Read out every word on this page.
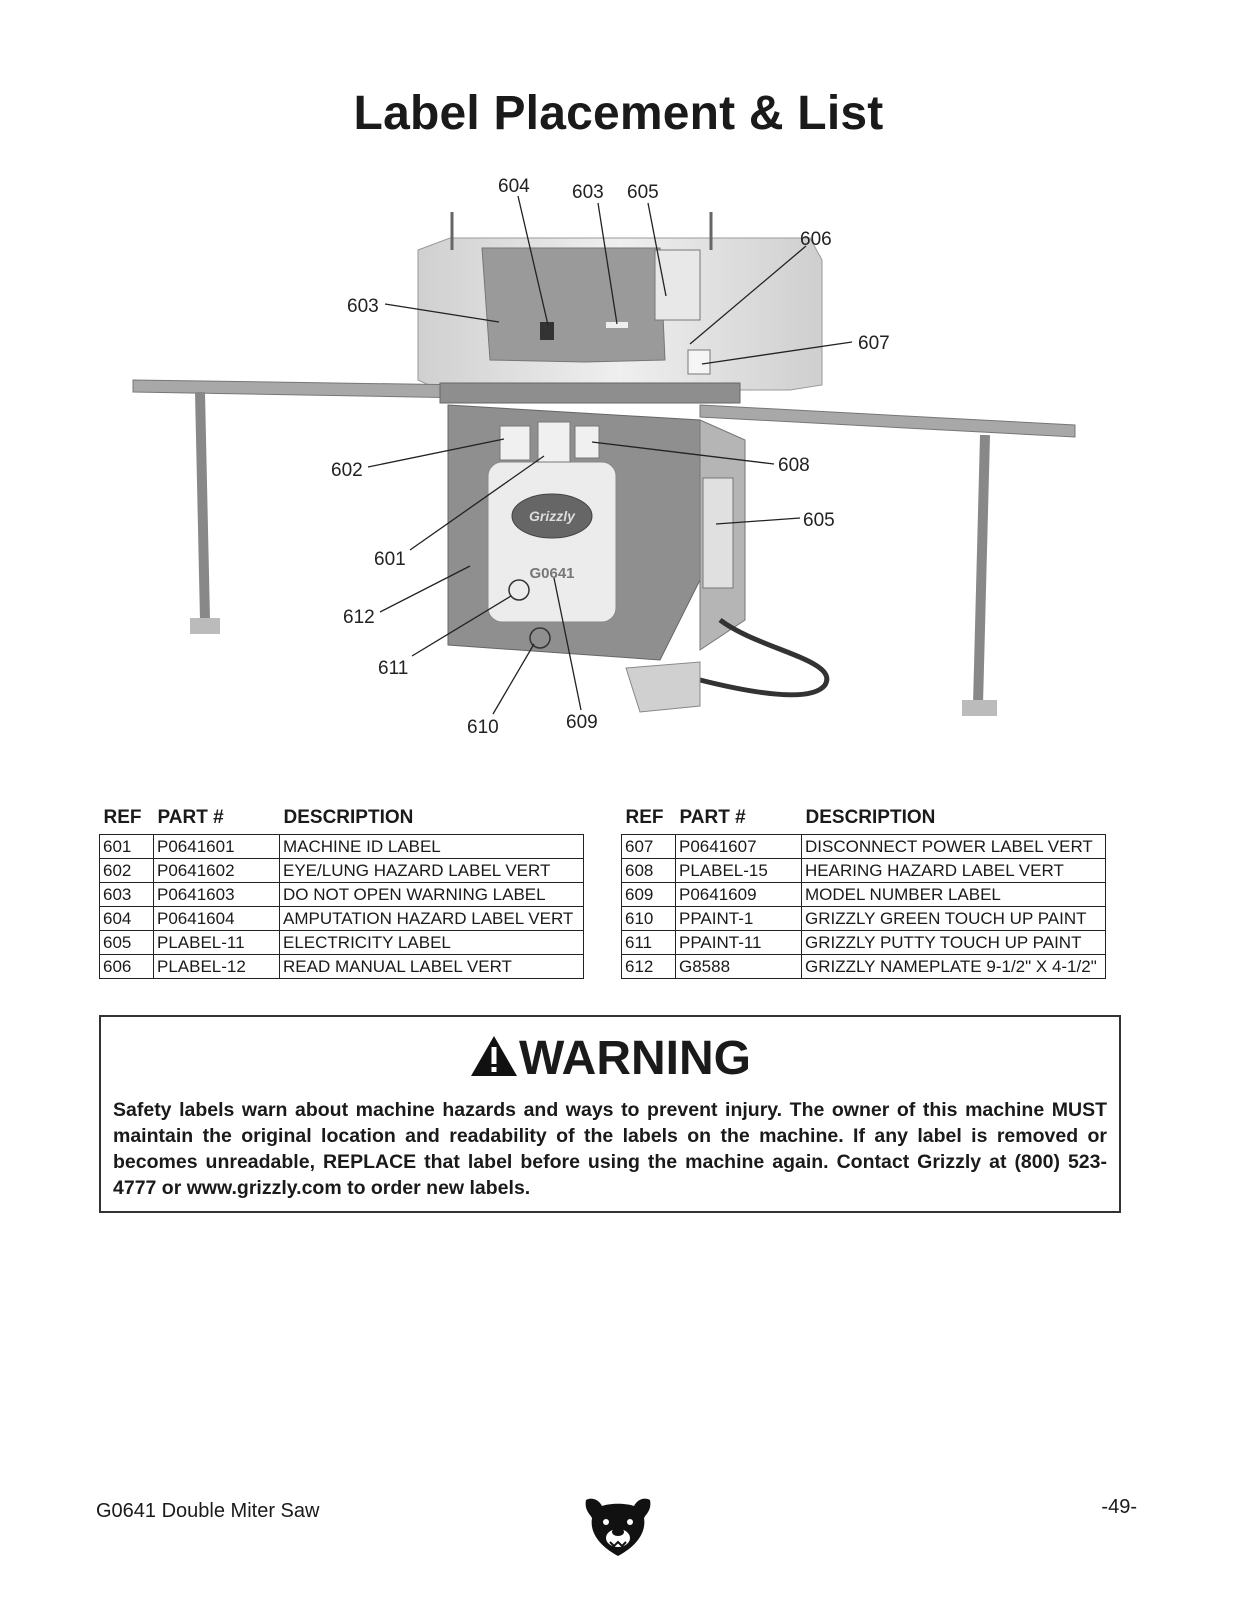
Label Placement & List
Grizzly
G0641
604 603 605
606
603
607
602	608
605
601
612
611
610	609
REF	PART #	DESCRIPTION
601	P0641601	MACHINE ID LABEL
602	P0641602	EYE/LUNG HAZARD LABEL VERT
603	P0641603	DO NOT OPEN WARNING LABEL
604	P0641604	AMPUTATION HAZARD LABEL VERT
605	PLABEL-11	ELECTRICITY LABEL
606	PLABEL-12	READ MANUAL LABEL VERT
REF	PART #	DESCRIPTION
607	P0641607	DISCONNECT POWER LABEL VERT
608	PLABEL-15	HEARING HAZARD LABEL VERT
609	P0641609	MODEL NUMBER LABEL
610	PPAINT-1	GRIZZLY GREEN TOUCH UP PAINT
611	PPAINT-11	GRIZZLY PUTTY TOUCH UP PAINT
612	G8588	GRIZZLY NAMEPLATE 9-1/2" X 4-1/2"
WARNING
Safety labels warn about machine hazards and ways to prevent injury. The owner of this machine MUST maintain the original location and readability of the labels on the machine. If any label is removed or becomes unreadable, REPLACE that label before using the machine again. Contact Grizzly at (800) 523-4777 or www.grizzly.com to order new labels.
G0641 Double Miter Saw	-49-
